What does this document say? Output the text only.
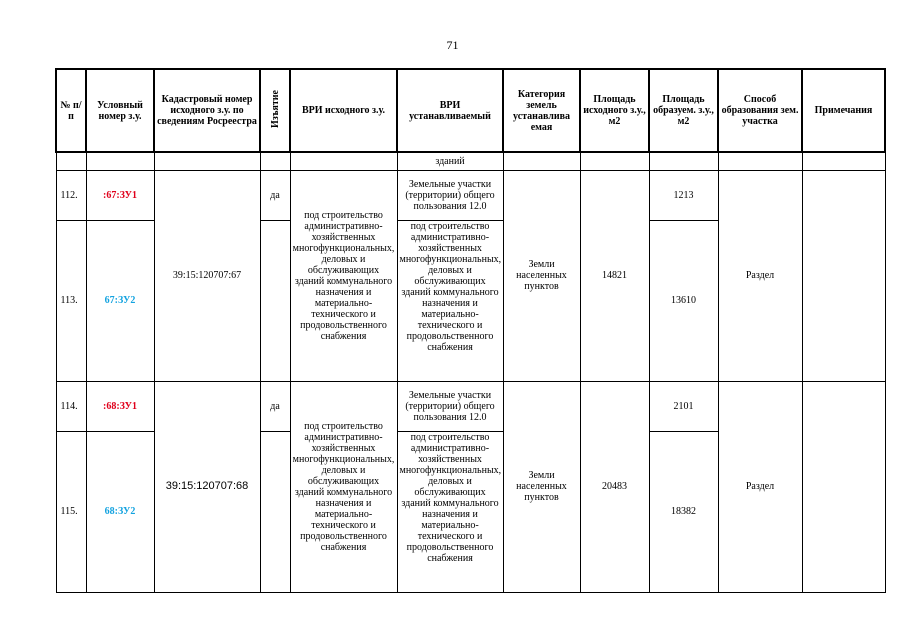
71
№ п/п	Условный номер з.у.	Кадастровый номер исходного з.у. по сведениям Росреестра	Изъятие	ВРИ исходного з.у.	ВРИ устанавливаемый	Категория земель устанавлива емая	Площадь исходного з.у., м2	Площадь образуем. з.у., м2	Способ образования зем. участка	Примечания
					зданий					
112.	:67:ЗУ1	39:15:120707:67	да	под строительство административно-хозяйственных многофункциональных, деловых и обслуживающих зданий коммунального назначения и материально-технического и продовольственного снабжения	Земельные участки (территории) общего пользования 12.0	Земли населенных пунктов	14821	1213	Раздел	
113.	67:ЗУ2				под строительство административно-хозяйственных многофункциональных, деловых и обслуживающих зданий коммунального назначения и материально-технического и продовольственного снабжения			13610		
114.	:68:ЗУ1	39:15:120707:68	да	под строительство административно-хозяйственных многофункциональных, деловых и обслуживающих зданий коммунального назначения и материально-технического и продовольственного снабжения	Земельные участки (территории) общего пользования 12.0	Земли населенных пунктов	20483	2101	Раздел	
115.	68:ЗУ2				под строительство административно-хозяйственных многофункциональных, деловых и обслуживающих зданий коммунального назначения и материально-технического и продовольственного снабжения			18382		
